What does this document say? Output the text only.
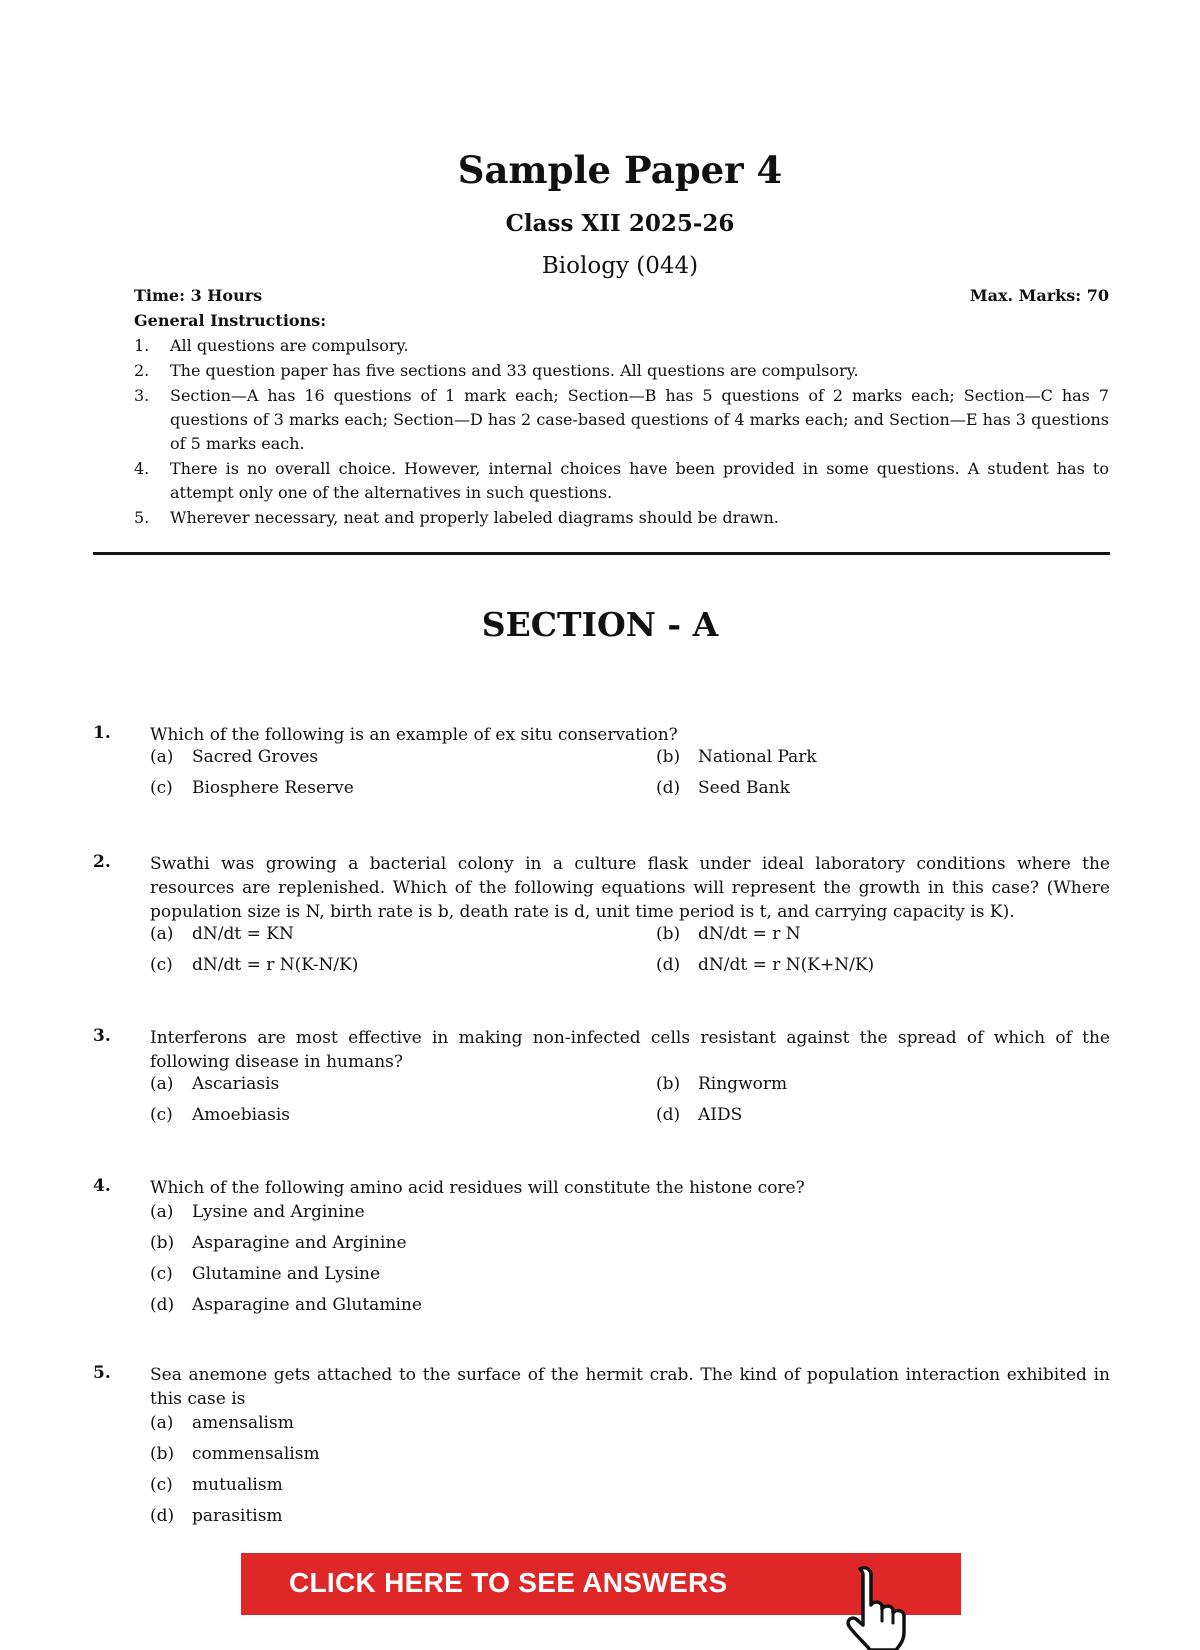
Sample Paper 4
Class XII 2025-26
Biology (044)
Time: 3 Hours	Max. Marks: 70
General Instructions:
1. All questions are compulsory.
2. The question paper has five sections and 33 questions. All questions are compulsory.
3. Section—A has 16 questions of 1 mark each; Section—B has 5 questions of 2 marks each; Section—C has 7 questions of 3 marks each; Section—D has 2 case-based questions of 4 marks each; and Section—E has 3 questions of 5 marks each.
4. There is no overall choice. However, internal choices have been provided in some questions. A student has to attempt only one of the alternatives in such questions.
5. Wherever necessary, neat and properly labeled diagrams should be drawn.
SECTION - A
1. Which of the following is an example of ex situ conservation?
(a) Sacred Groves	(b) National Park
(c) Biosphere Reserve	(d) Seed Bank
2. Swathi was growing a bacterial colony in a culture flask under ideal laboratory conditions where the resources are replenished. Which of the following equations will represent the growth in this case? (Where population size is N, birth rate is b, death rate is d, unit time period is t, and carrying capacity is K).
(a) dN/dt = KN	(b) dN/dt = r N
(c) dN/dt = r N(K-N/K)	(d) dN/dt = r N(K+N/K)
3. Interferons are most effective in making non-infected cells resistant against the spread of which of the following disease in humans?
(a) Ascariasis	(b) Ringworm
(c) Amoebiasis	(d) AIDS
4. Which of the following amino acid residues will constitute the histone core?
(a) Lysine and Arginine
(b) Asparagine and Arginine
(c) Glutamine and Lysine
(d) Asparagine and Glutamine
5. Sea anemone gets attached to the surface of the hermit crab. The kind of population interaction exhibited in this case is
(a) amensalism
(b) commensalism
(c) mutualism
(d) parasitism
CLICK HERE TO SEE ANSWERS
